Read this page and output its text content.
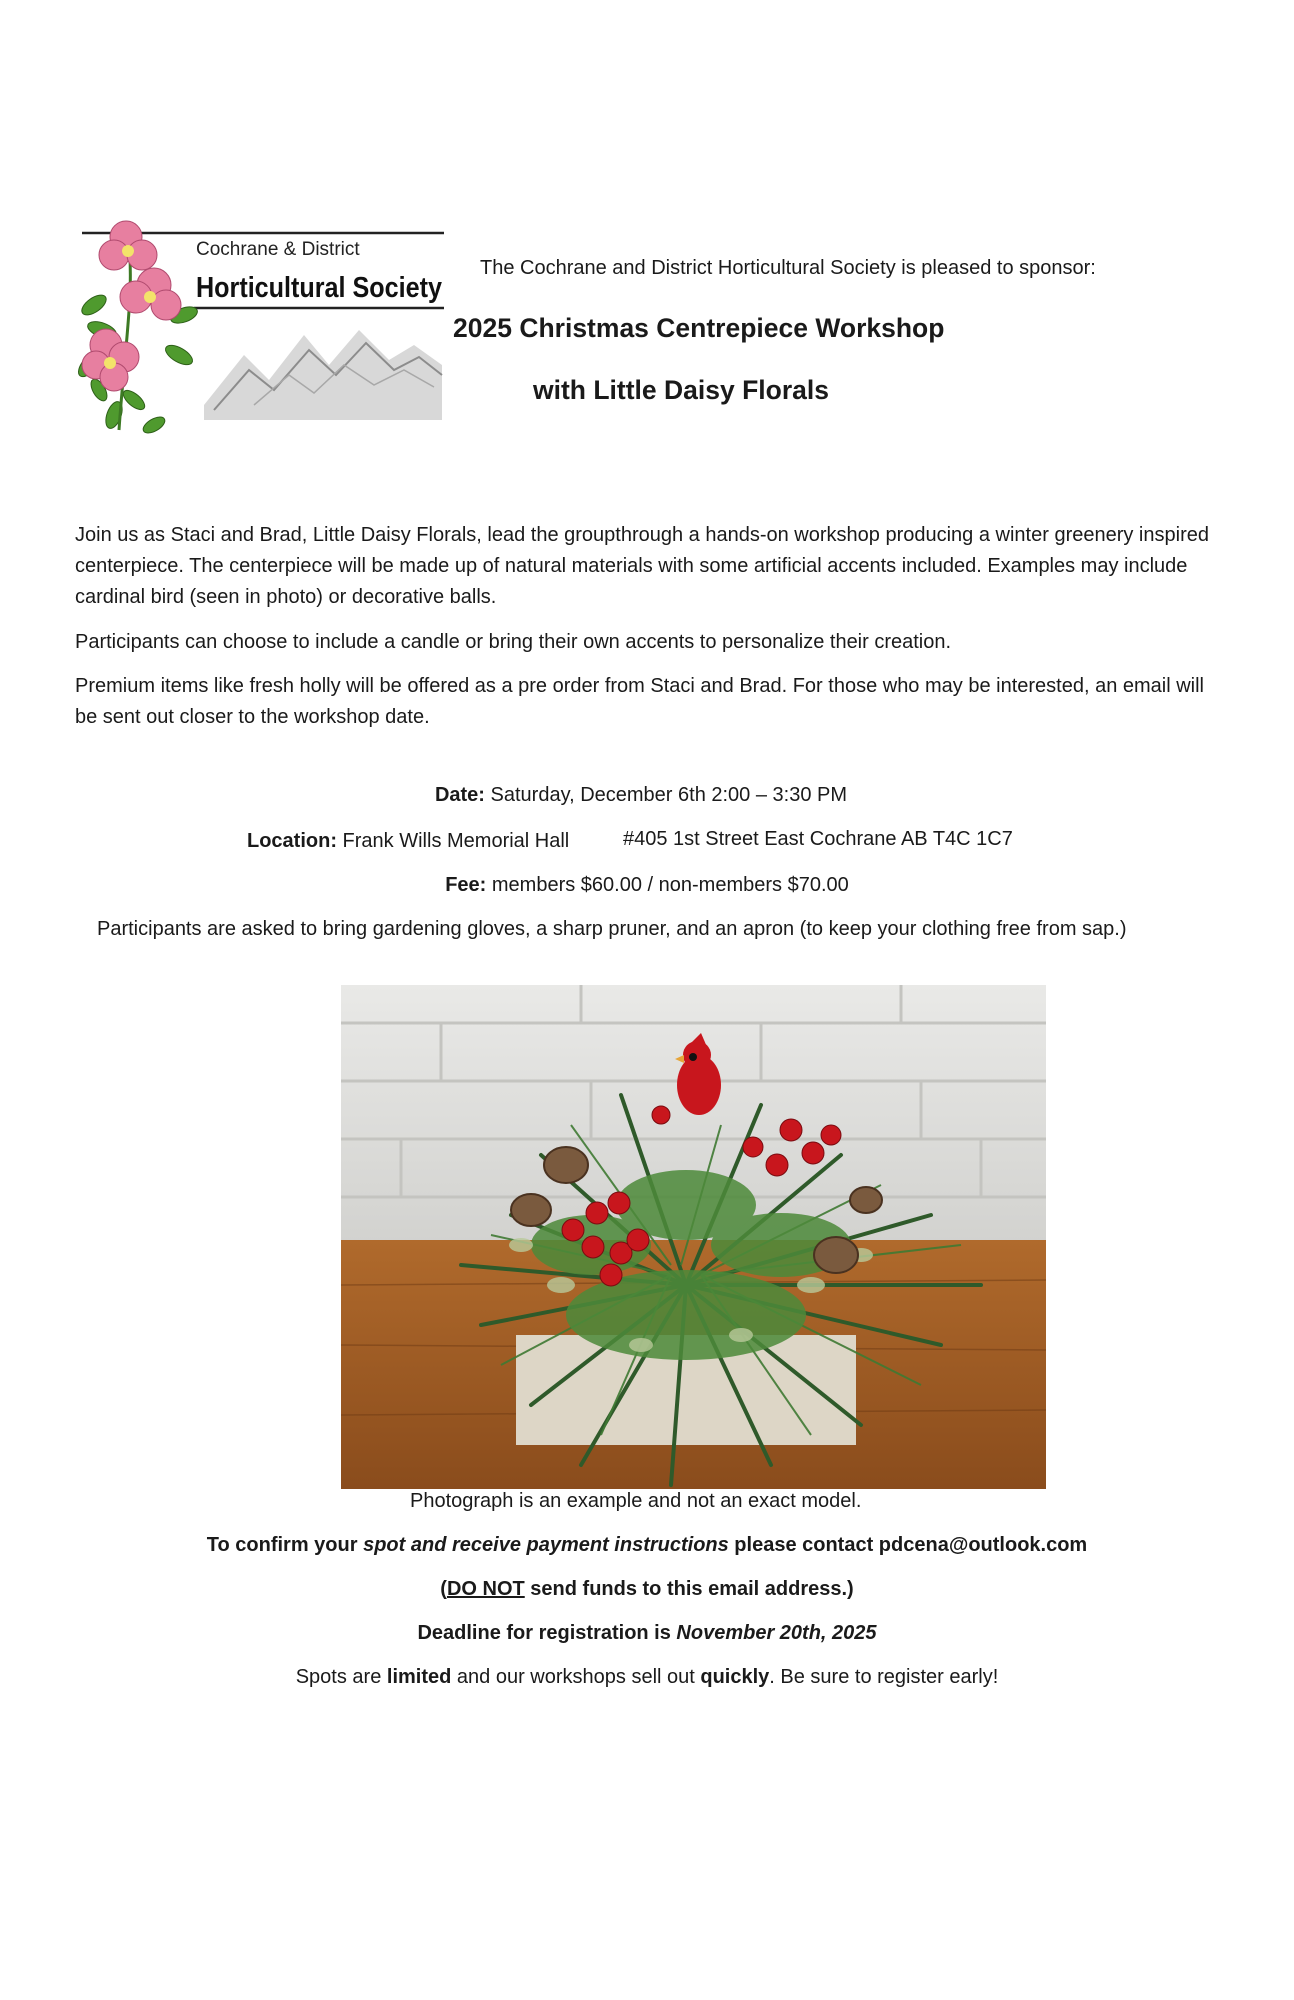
Cochrane & District
Horticultural Society
The Cochrane and District Horticultural Society is pleased to sponsor:
2025 Christmas Centrepiece Workshop
with Little Daisy Florals
Join us as Staci and Brad, Little Daisy Florals, lead the groupthrough a hands-on workshop producing a winter greenery inspired centerpiece. The centerpiece will be made up of natural materials with some artificial accents included. Examples may include cardinal bird (seen in photo) or decorative balls.
Participants can choose to include a candle or bring their own accents to personalize their creation.
Premium items like fresh holly will be offered as a pre order from Staci and Brad. For those who may be interested, an email will be sent out closer to the workshop date.
Date: Saturday, December 6th 2:00 – 3:30 PM
Location: Frank Wills Memorial Hall	#405 1st Street East Cochrane AB T4C 1C7
Fee: members $60.00 / non-members $70.00
Participants are asked to bring gardening gloves, a sharp pruner, and an apron (to keep your clothing free from sap.)
Photograph is an example and not an exact model.
To confirm your spot and receive payment instructions please contact pdcena@outlook.com
(DO NOT send funds to this email address.)
Deadline for registration is November 20th, 2025
Spots are limited and our workshops sell out quickly. Be sure to register early!
